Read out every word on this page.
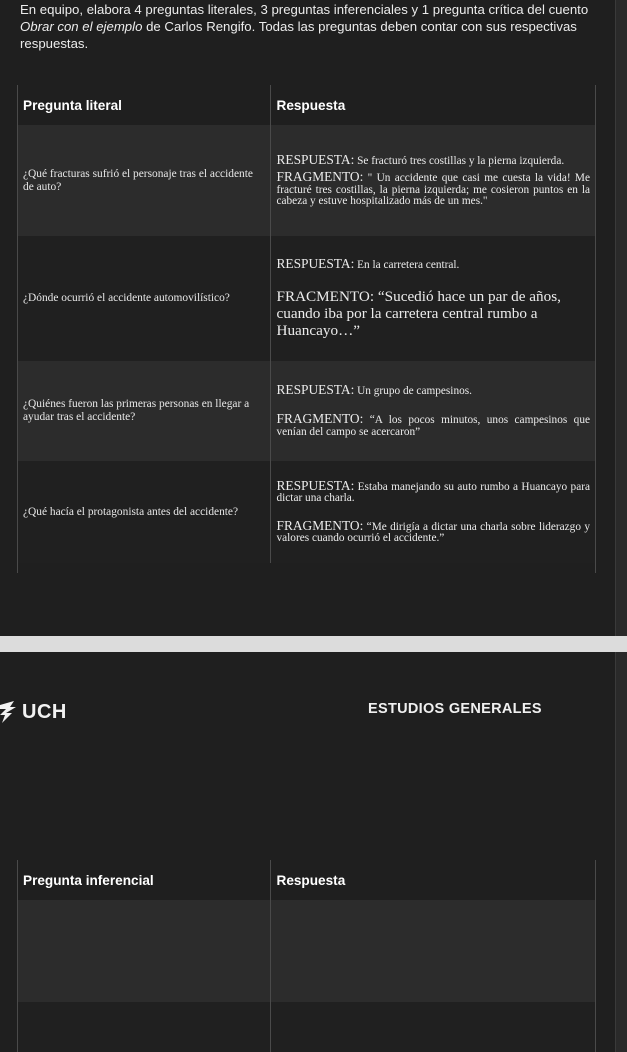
En equipo, elabora 4 preguntas literales, 3 preguntas inferenciales y 1 pregunta crítica del cuento Obrar con el ejemplo de Carlos Rengifo. Todas las preguntas deben contar con sus respectivas respuestas.

Pregunta literal	Respuesta
¿Qué fracturas sufrió el personaje tras el accidente de auto?	RESPUESTA: Se fracturó tres costillas y la pierna izquierda.
FRAGMENTO: " Un accidente que casi me cuesta la vida! Me fracturé tres costillas, la pierna izquierda; me cosieron puntos en la cabeza y estuve hospitalizado más de un mes."

¿Dónde ocurrió el accidente automovilístico?	RESPUESTA: En la carretera central.
FRACMENTO: “Sucedió hace un par de años, cuando iba por la carretera central rumbo a Huancayo…”

¿Quiénes fueron las primeras personas en llegar a ayudar tras el accidente?	RESPUESTA: Un grupo de campesinos.
FRAGMENTO: “A los pocos minutos, unos campesinos que venían del campo se acercaron”

¿Qué hacía el protagonista antes del accidente?	RESPUESTA: Estaba manejando su auto rumbo a Huancayo para dictar una charla.
FRAGMENTO: “Me dirigía a dictar una charla sobre liderazgo y valores cuando ocurrió el accidente.”
UCH	ESTUDIOS GENERALES
Pregunta inferencial	Respuesta
